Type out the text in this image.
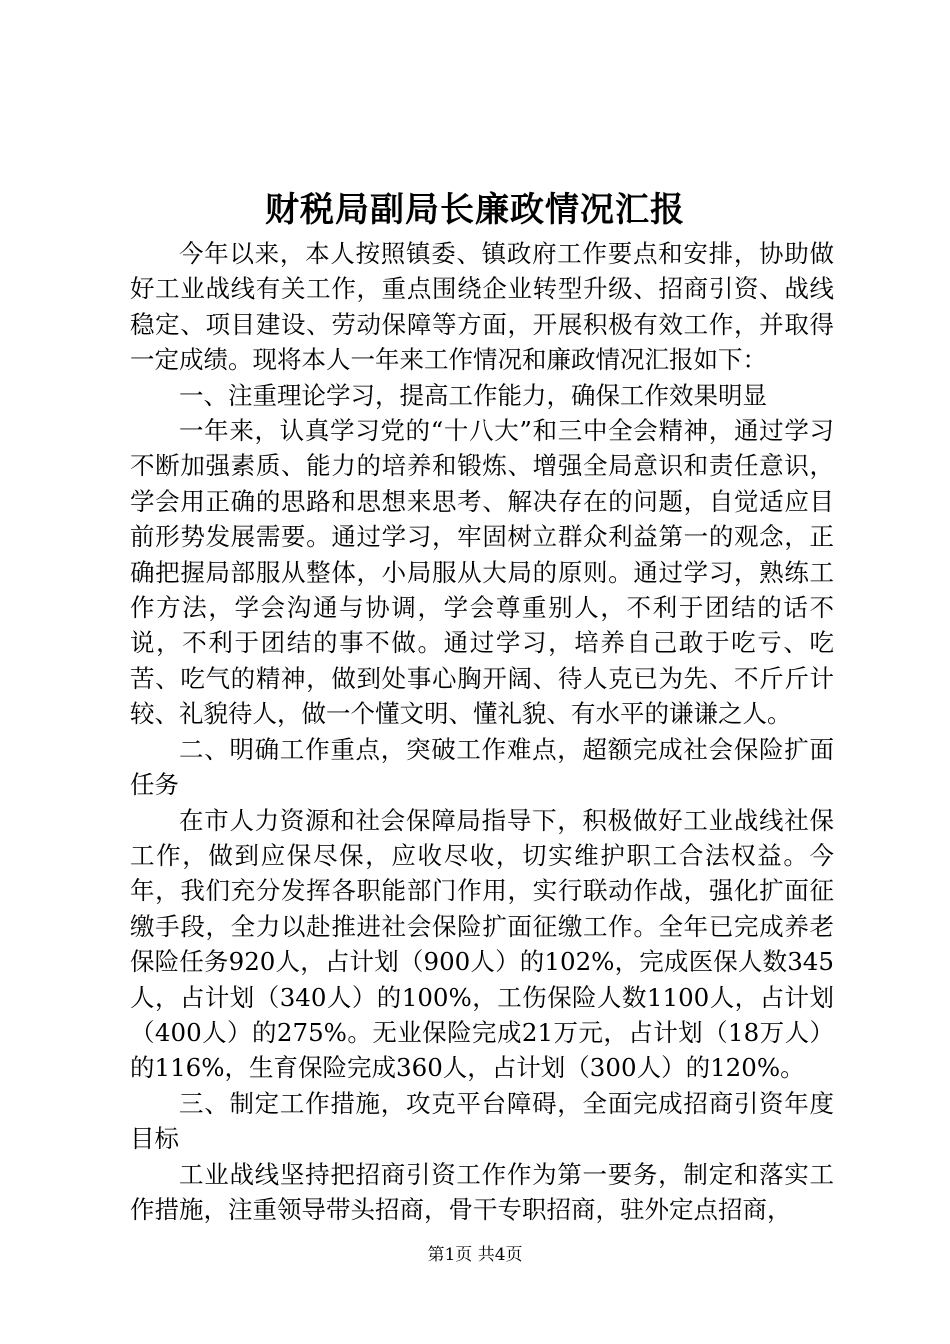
财税局副局长廉政情况汇报

今年以来，本人按照镇委、镇政府工作要点和安排，协助做好工业战线有关工作，重点围绕企业转型升级、招商引资、战线稳定、项目建设、劳动保障等方面，开展积极有效工作，并取得一定成绩。现将本人一年来工作情况和廉政情况汇报如下：

一、注重理论学习，提高工作能力，确保工作效果明显

一年来，认真学习党的“十八大”和三中全会精神，通过学习不断加强素质、能力的培养和锻炼、增强全局意识和责任意识，学会用正确的思路和思想来思考、解决存在的问题，自觉适应目前形势发展需要。通过学习，牢固树立群众利益第一的观念，正确把握局部服从整体，小局服从大局的原则。通过学习，熟练工作方法，学会沟通与协调，学会尊重别人，不利于团结的话不说，不利于团结的事不做。通过学习，培养自己敢于吃亏、吃苦、吃气的精神，做到处事心胸开阔、待人克已为先、不斤斤计较、礼貌待人，做一个懂文明、懂礼貌、有水平的谦谦之人。

二、明确工作重点，突破工作难点，超额完成社会保险扩面任务

在市人力资源和社会保障局指导下，积极做好工业战线社保工作，做到应保尽保，应收尽收，切实维护职工合法权益。今年，我们充分发挥各职能部门作用，实行联动作战，强化扩面征缴手段，全力以赴推进社会保险扩面征缴工作。全年已完成养老保险任务920人，占计划（900人）的102%，完成医保人数345人，占计划（340人）的100%，工伤保险人数1100人，占计划（400人）的275%。无业保险完成21万元，占计划（18万人）的116%，生育保险完成360人，占计划（300人）的120%。

三、制定工作措施，攻克平台障碍，全面完成招商引资年度目标

工业战线坚持把招商引资工作作为第一要务，制定和落实工作措施，注重领导带头招商，骨干专职招商，驻外定点招商，

第1页 共4页
